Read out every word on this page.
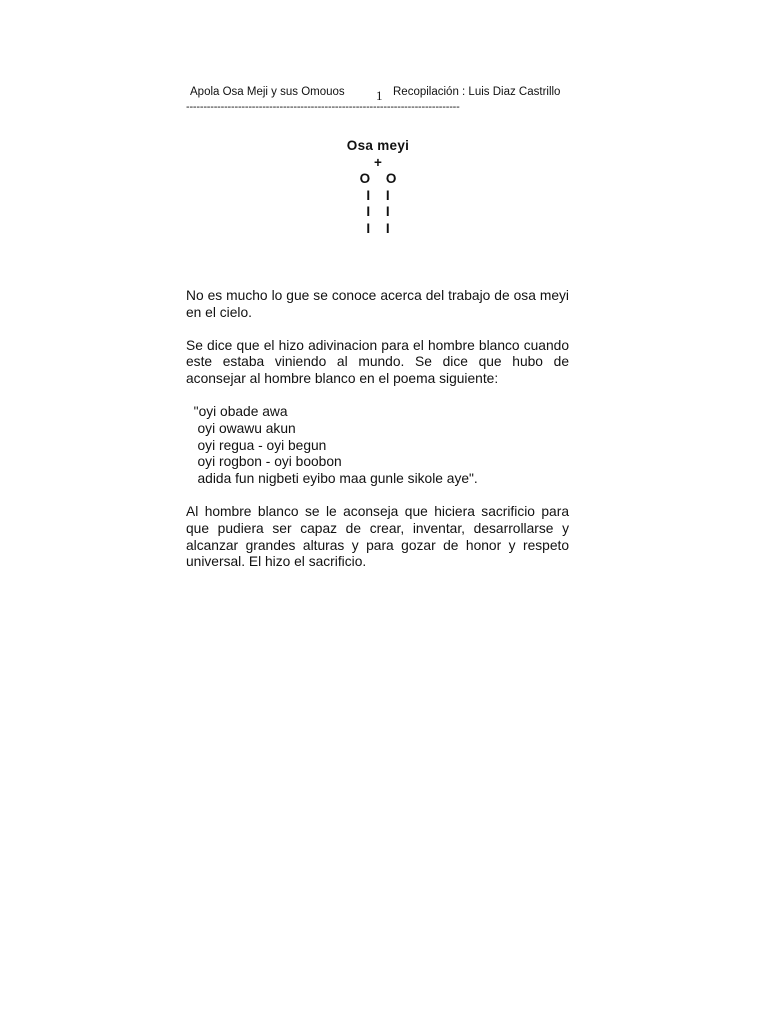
Apola Osa Meji y sus Omouos 1 Recopilación : Luis Diaz Castrillo
-------------------------------------------------------------------------------
Osa meyi
+
O O
I I
I I
I I

No es mucho lo gue se conoce acerca del trabajo de osa meyi en el cielo.

Se dice que el hizo adivinacion para el hombre blanco cuando este estaba viniendo al mundo. Se dice que hubo de aconsejar al hombre blanco en el poema siguiente:

"oyi obade awa
oyi owawu akun
oyi regua - oyi begun
oyi rogbon - oyi boobon
adida fun nigbeti eyibo maa gunle sikole aye".

Al hombre blanco se le aconseja que hiciera sacrificio para que pudiera ser capaz de crear, inventar, desarrollarse y alcanzar grandes alturas y para gozar de honor y respeto universal. El hizo el sacrificio.
